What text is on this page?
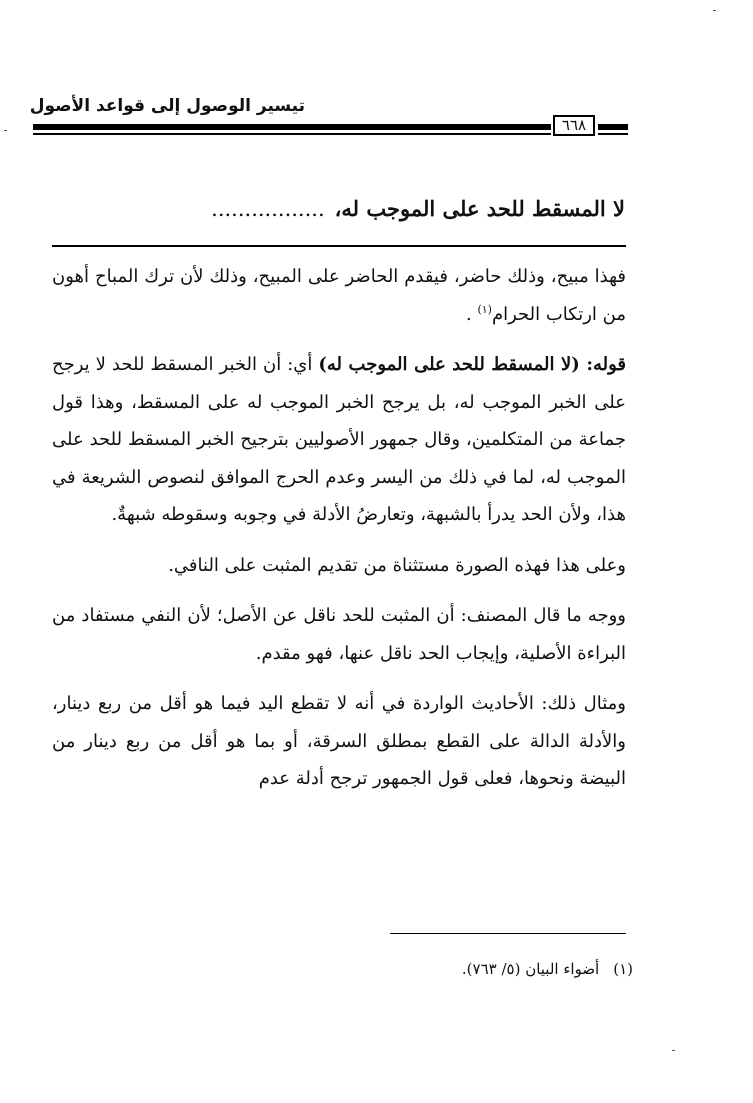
تيسير الوصول إلى قواعد الأصول
٦٦٨
لا المسقط للحد على الموجب له،.................

فهذا مبيح، وذلك حاضر، فيقدم الحاضر على المبيح، وذلك لأن ترك المباح أهون من ارتكاب الحرام$^{(١)}$ .

قوله: (لا المسقط للحد على الموجب له) أي: أن الخبر المسقط للحد لا يرجح على الخبر الموجب له، بل يرجح الخبر الموجب له على المسقط، وهذا قول جماعة من المتكلمين، وقال جمهور الأصوليين بترجيح الخبر المسقط للحد على الموجب له، لما في ذلك من اليسر وعدم الحرج الموافق لنصوص الشريعة في هذا، ولأن الحد يدرأ بالشبهة، وتعارضُ الأدلة في وجوبه وسقوطه شبهةٌ.

وعلى هذا فهذه الصورة مستثناة من تقديم المثبت على النافي.

ووجه ما قال المصنف: أن المثبت للحد ناقل عن الأصل؛ لأن النفي مستفاد من البراءة الأصلية، وإيجاب الحد ناقل عنها، فهو مقدم.

ومثال ذلك: الأحاديث الواردة في أنه لا تقطع اليد فيما هو أقل من ربع دينار، والأدلة الدالة على القطع بمطلق السرقة، أو بما هو أقل من ربع دينار من البيضة ونحوها، فعلى قول الجمهور ترجح أدلة عدم

(١)أضواء البيان (٥/ ٧٦٣).
